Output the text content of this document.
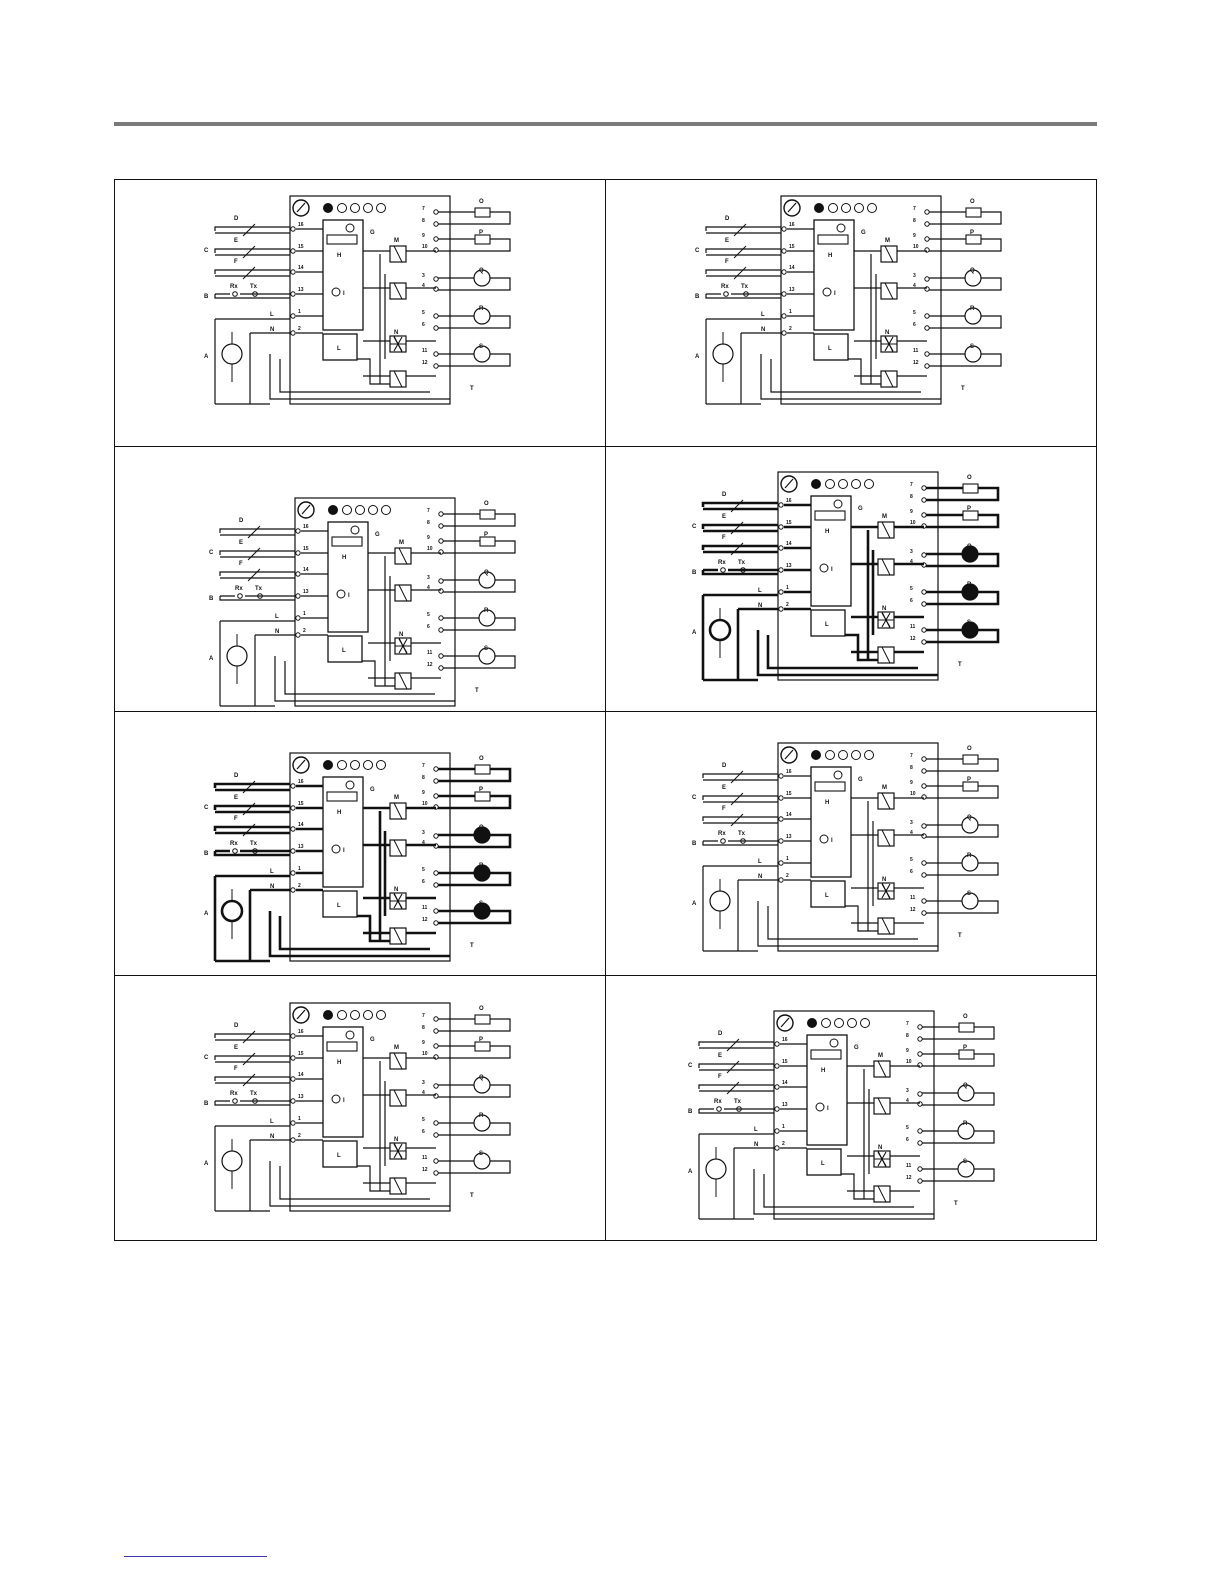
D
E
F
C
B
Rx Tx
L
N
A
G
H
I
L
M
N
O
P
Q
R
S
T
16
15
14
13
1
2
7
8
9
10
3
4
5
6
11
12
D
E
F
C
B
Rx Tx
L
N
A
G
H
I
L
M
N
O
P
Q
R
S
T
16
15
14
13
1
2
7
8
9
10
3
4
5
6
11
12
D
E
F
C
B
Rx Tx
L
N
A
G
H
I
L
M
N
O
P
Q
R
S
T
16
15
14
13
1
2
7
8
9
10
3
4
5
6
11
12
D
E
F
C
B
Rx Tx
L
N
A
G
H
I
L
M
N
O
P
Q
R
S
T
16
15
14
13
1
2
7
8
9
10
3
4
5
6
11
12
D
E
F
C
B
Rx Tx
L
N
A
G
H
I
L
M
N
O
P
Q
R
S
T
16
15
14
13
1
2
7
8
9
10
3
4
5
6
11
12
D
E
F
C
B
Rx Tx
L
N
A
G
H
I
L
M
N
O
P
Q
R
S
T
16
15
14
13
1
2
7
8
9
10
3
4
5
6
11
12
D
E
F
C
B
Rx Tx
L
N
A
G
H
I
L
M
N
O
P
Q
R
S
T
16
15
14
13
1
2
7
8
9
10
3
4
5
6
11
12
D
E
F
C
B
Rx Tx
L
N
A
G
H
I
L
M
N
O
P
Q
R
S
T
16
15
14
13
1
2
7
8
9
10
3
4
5
6
11
12
